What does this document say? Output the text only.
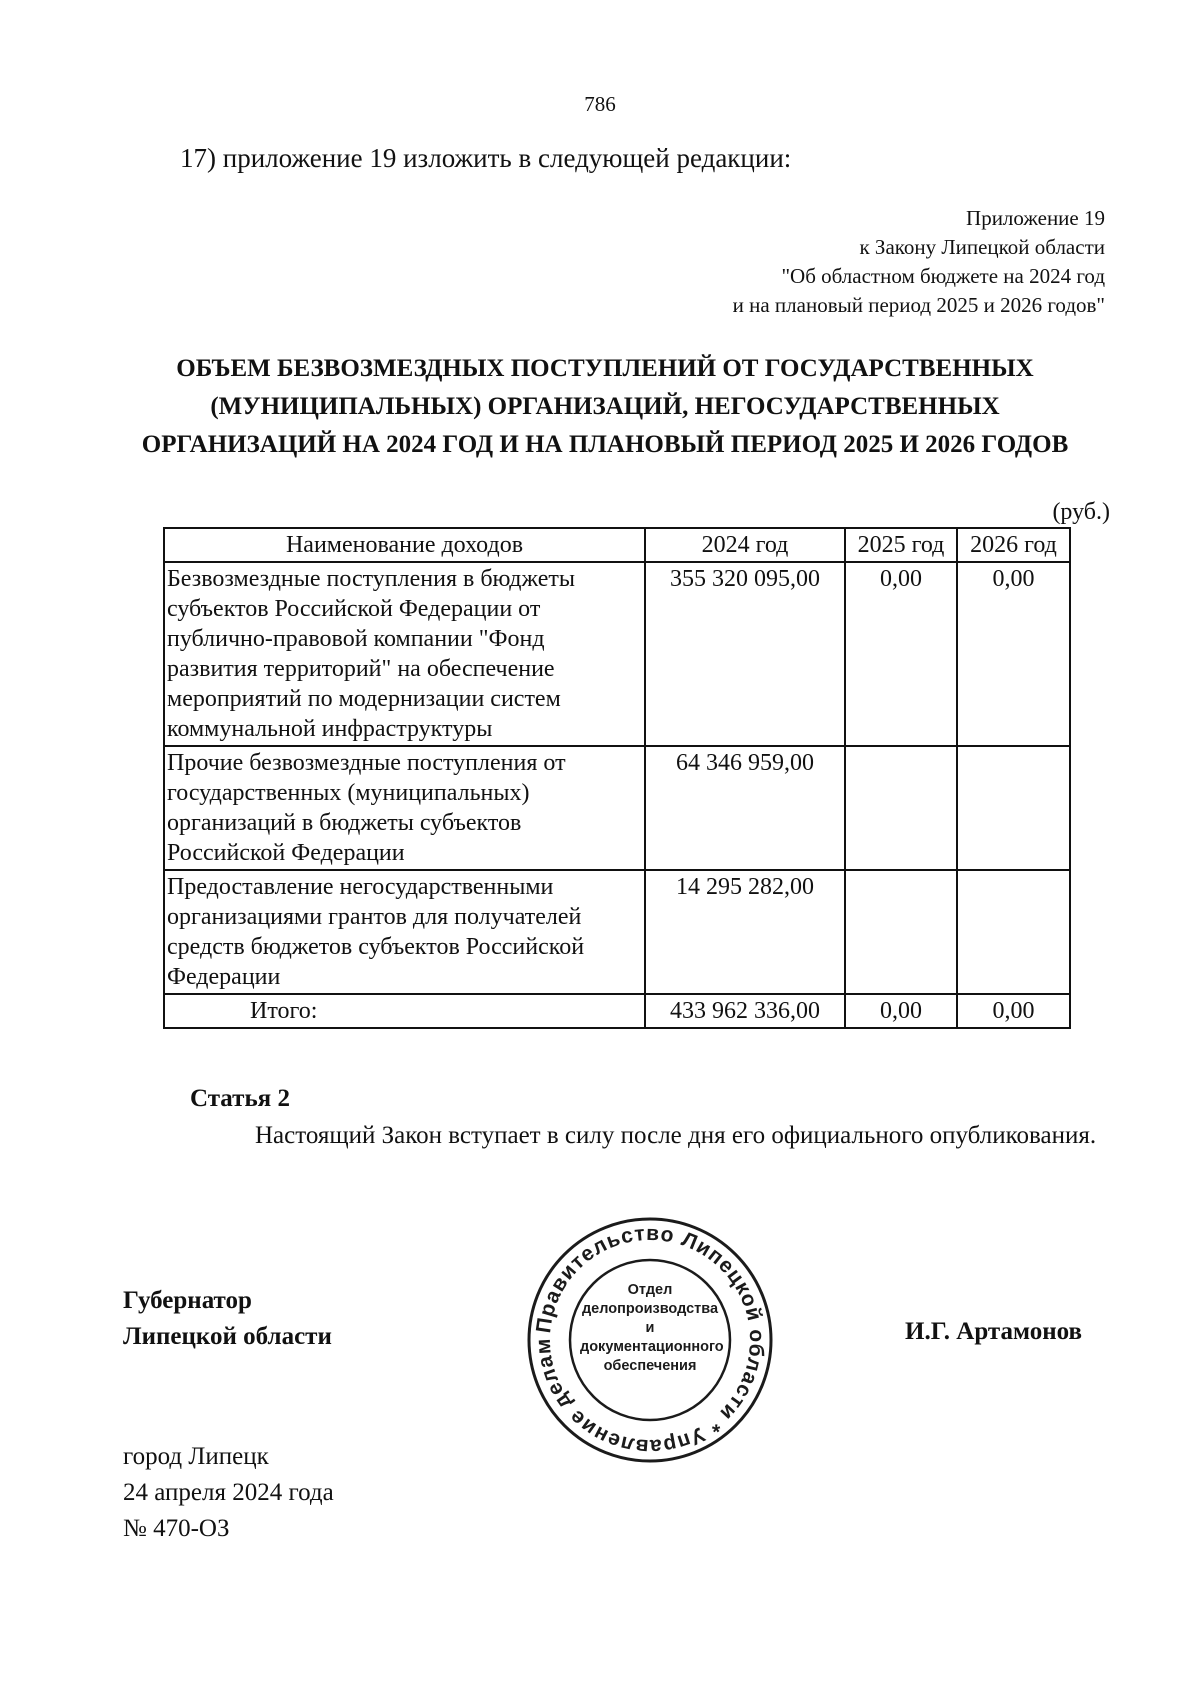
786
17) приложение 19 изложить в следующей редакции:
Приложение 19
к Закону Липецкой области
"Об областном бюджете на 2024 год
и на плановый период 2025 и 2026 годов"
ОБЪЕМ БЕЗВОЗМЕЗДНЫХ ПОСТУПЛЕНИЙ ОТ ГОСУДАРСТВЕННЫХ
(МУНИЦИПАЛЬНЫХ) ОРГАНИЗАЦИЙ, НЕГОСУДАРСТВЕННЫХ
ОРГАНИЗАЦИЙ НА 2024 ГОД И НА ПЛАНОВЫЙ ПЕРИОД 2025 И 2026 ГОДОВ
(руб.)
Наименование доходов	2024 год	2025 год	2026 год
Безвозмездные поступления в бюджеты субъектов Российской Федерации от публично-правовой компании "Фонд развития территорий" на обеспечение мероприятий по модернизации систем коммунальной инфраструктуры	355 320 095,00	0,00	0,00
Прочие безвозмездные поступления от государственных (муниципальных) организаций в бюджеты субъектов Российской Федерации	64 346 959,00		
Предоставление негосударственными организациями грантов для получателей средств бюджетов субъектов Российской Федерации	14 295 282,00		
Итого:	433 962 336,00	0,00	0,00
Статья 2
Настоящий Закон вступает в силу после дня его официального опубликования.
Губернатор
Липецкой области	Правительство Липецкой области * Управление делам
Отдел
делопроизводства и
документационного
обеспечения
И.Г. Артамонов
город Липецк
24 апреля 2024 года
№ 470-ОЗ
